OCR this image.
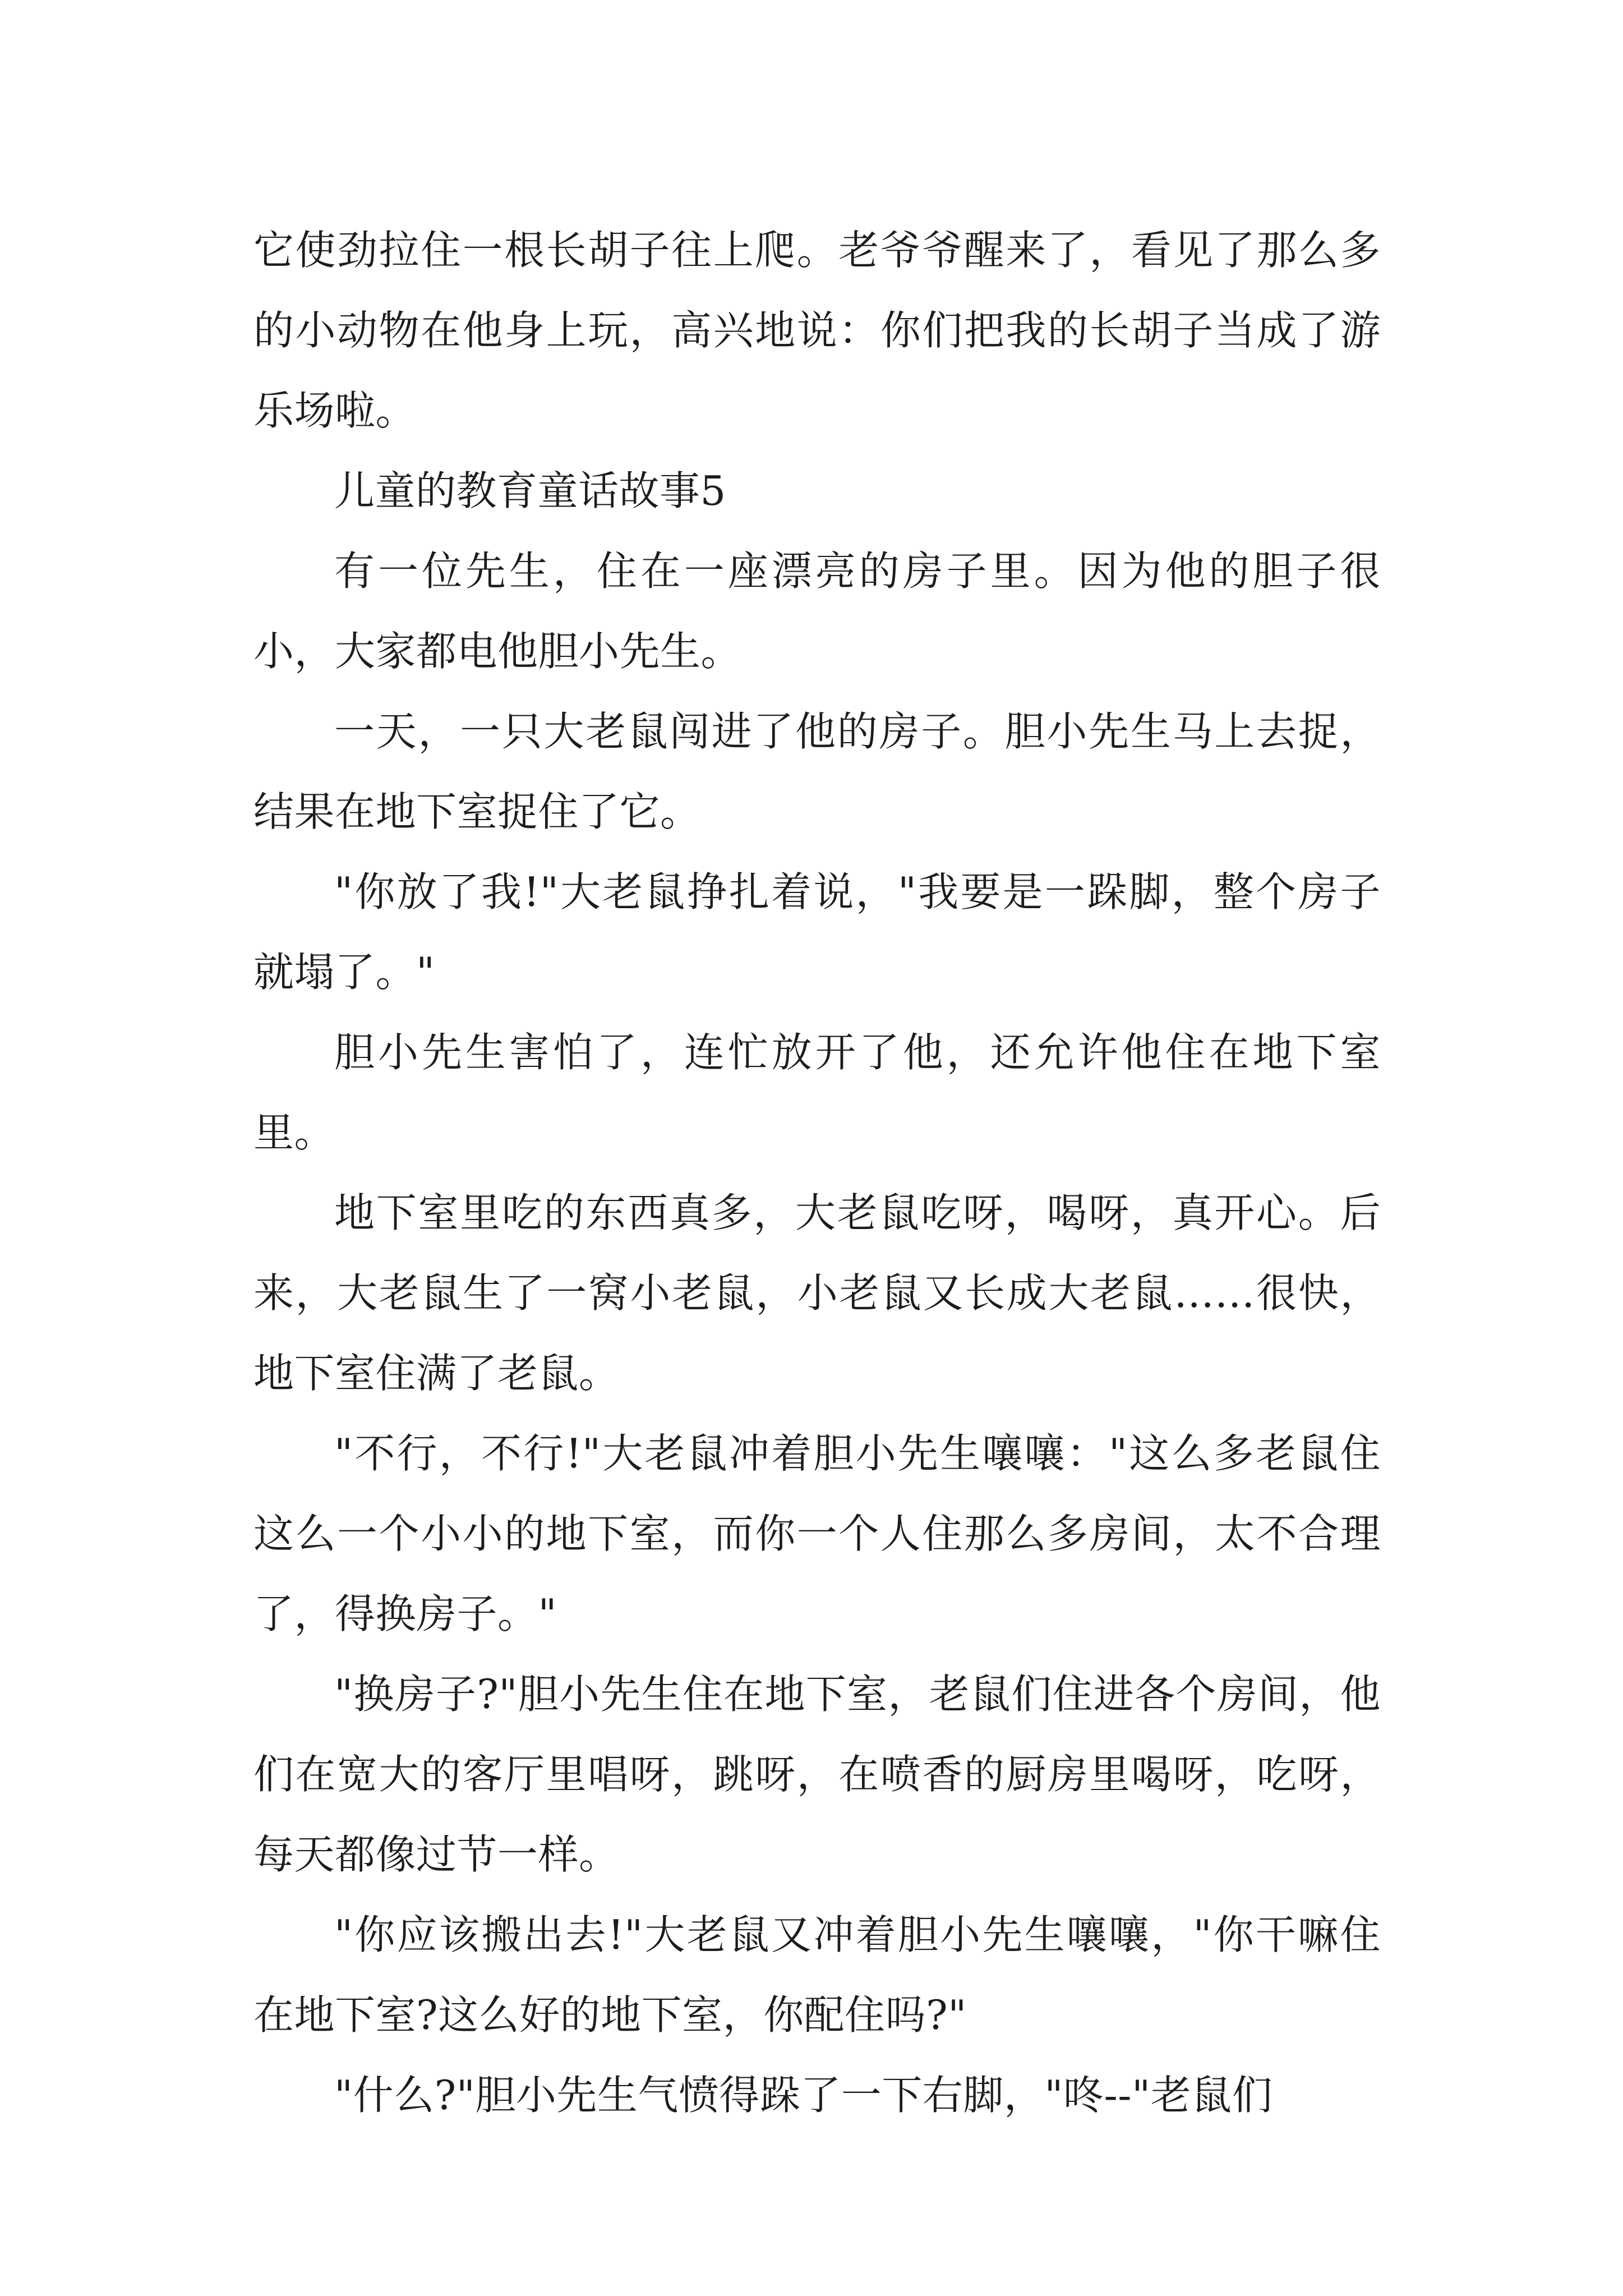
它使劲拉住一根长胡子往上爬。老爷爷醒来了，看见了那么多的小动物在他身上玩，高兴地说：你们把我的长胡子当成了游乐场啦。

儿童的教育童话故事5

有一位先生，住在一座漂亮的房子里。因为他的胆子很小，大家都电他胆小先生。

一天，一只大老鼠闯进了他的房子。胆小先生马上去捉，结果在地下室捉住了它。

"你放了我!"大老鼠挣扎着说，"我要是一跺脚，整个房子就塌了。"

胆小先生害怕了，连忙放开了他，还允许他住在地下室里。

地下室里吃的东西真多，大老鼠吃呀，喝呀，真开心。后来，大老鼠生了一窝小老鼠，小老鼠又长成大老鼠……很快，地下室住满了老鼠。

"不行，不行!"大老鼠冲着胆小先生嚷嚷："这么多老鼠住这么一个小小的地下室，而你一个人住那么多房间，太不合理了，得换房子。"

"换房子?"胆小先生住在地下室，老鼠们住进各个房间，他们在宽大的客厅里唱呀，跳呀，在喷香的厨房里喝呀，吃呀，每天都像过节一样。

"你应该搬出去!"大老鼠又冲着胆小先生嚷嚷，"你干嘛住在地下室?这么好的地下室，你配住吗?"

"什么?"胆小先生气愤得跺了一下右脚，"咚--"老鼠们
